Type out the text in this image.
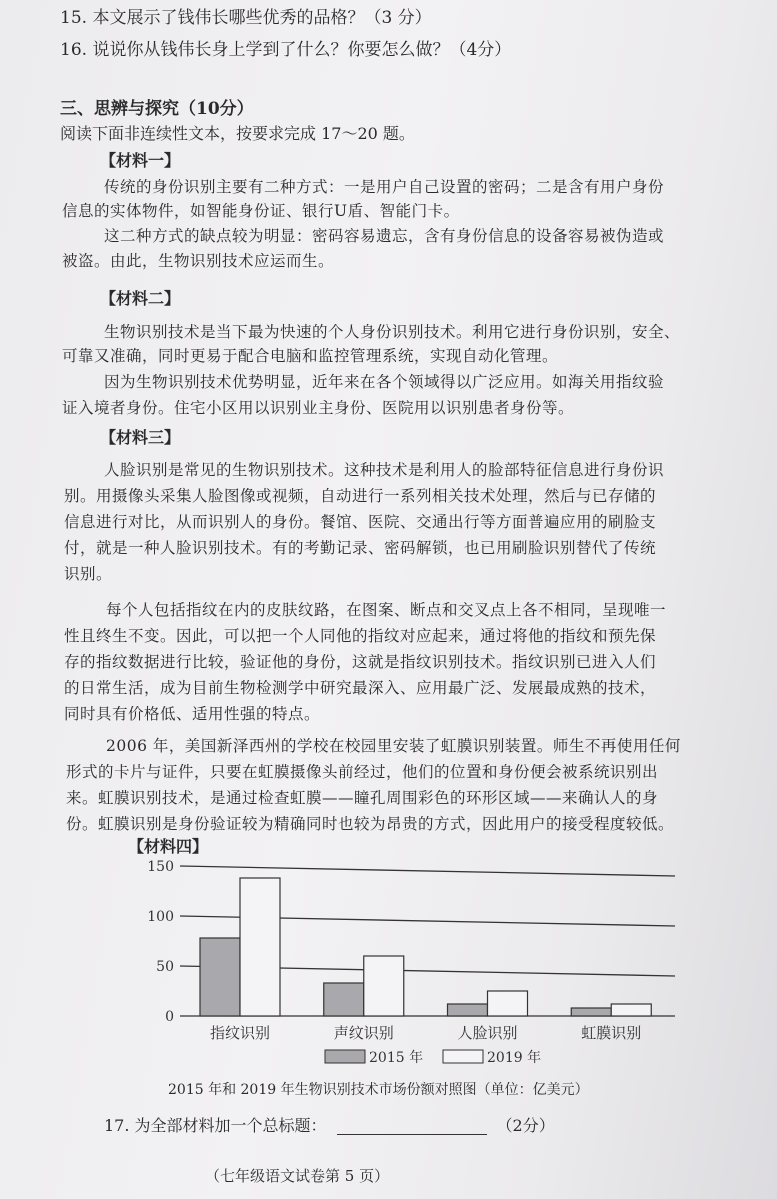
15. 本文展示了钱伟长哪些优秀的品格？（3 分）
16. 说说你从钱伟长身上学到了什么？你要怎么做？（4分）
三、思辨与探究（10分）
阅读下面非连续性文本，按要求完成 17～20 题。
【材料一】
传统的身份识别主要有二种方式：一是用户自己设置的密码；二是含有用户身份
信息的实体物件，如智能身份证、银行U盾、智能门卡。
这二种方式的缺点较为明显：密码容易遗忘，含有身份信息的设备容易被伪造或
被盗。由此，生物识别技术应运而生。
【材料二】
生物识别技术是当下最为快速的个人身份识别技术。利用它进行身份识别，安全、
可靠又准确，同时更易于配合电脑和监控管理系统，实现自动化管理。
因为生物识别技术优势明显，近年来在各个领域得以广泛应用。如海关用指纹验
证入境者身份。住宅小区用以识别业主身份、医院用以识别患者身份等。
【材料三】
人脸识别是常见的生物识别技术。这种技术是利用人的脸部特征信息进行身份识
别。用摄像头采集人脸图像或视频，自动进行一系列相关技术处理，然后与已存储的
信息进行对比，从而识别人的身份。餐馆、医院、交通出行等方面普遍应用的刷脸支
付，就是一种人脸识别技术。有的考勤记录、密码解锁，也已用刷脸识别替代了传统
识别。
每个人包括指纹在内的皮肤纹路，在图案、断点和交叉点上各不相同，呈现唯一
性且终生不变。因此，可以把一个人同他的指纹对应起来，通过将他的指纹和预先保
存的指纹数据进行比较，验证他的身份，这就是指纹识别技术。指纹识别已进入人们
的日常生活，成为目前生物检测学中研究最深入、应用最广泛、发展最成熟的技术，
同时具有价格低、适用性强的特点。
2006 年，美国新泽西州的学校在校园里安装了虹膜识别装置。师生不再使用任何
形式的卡片与证件，只要在虹膜摄像头前经过，他们的位置和身份便会被系统识别出
来。虹膜识别技术，是通过检查虹膜——瞳孔周围彩色的环形区域——来确认人的身
份。虹膜识别是身份验证较为精确同时也较为昂贵的方式，因此用户的接受程度较低。
【材料四】
0
50
100
150
指纹识别	声纹识别	人脸识别	虹膜识别
2015 年	2019 年
2015 年和 2019 年生物识别技术市场份额对照图（单位：亿美元）
17. 为全部材料加一个总标题：	（2分）
（七年级语文试卷第 5 页）
